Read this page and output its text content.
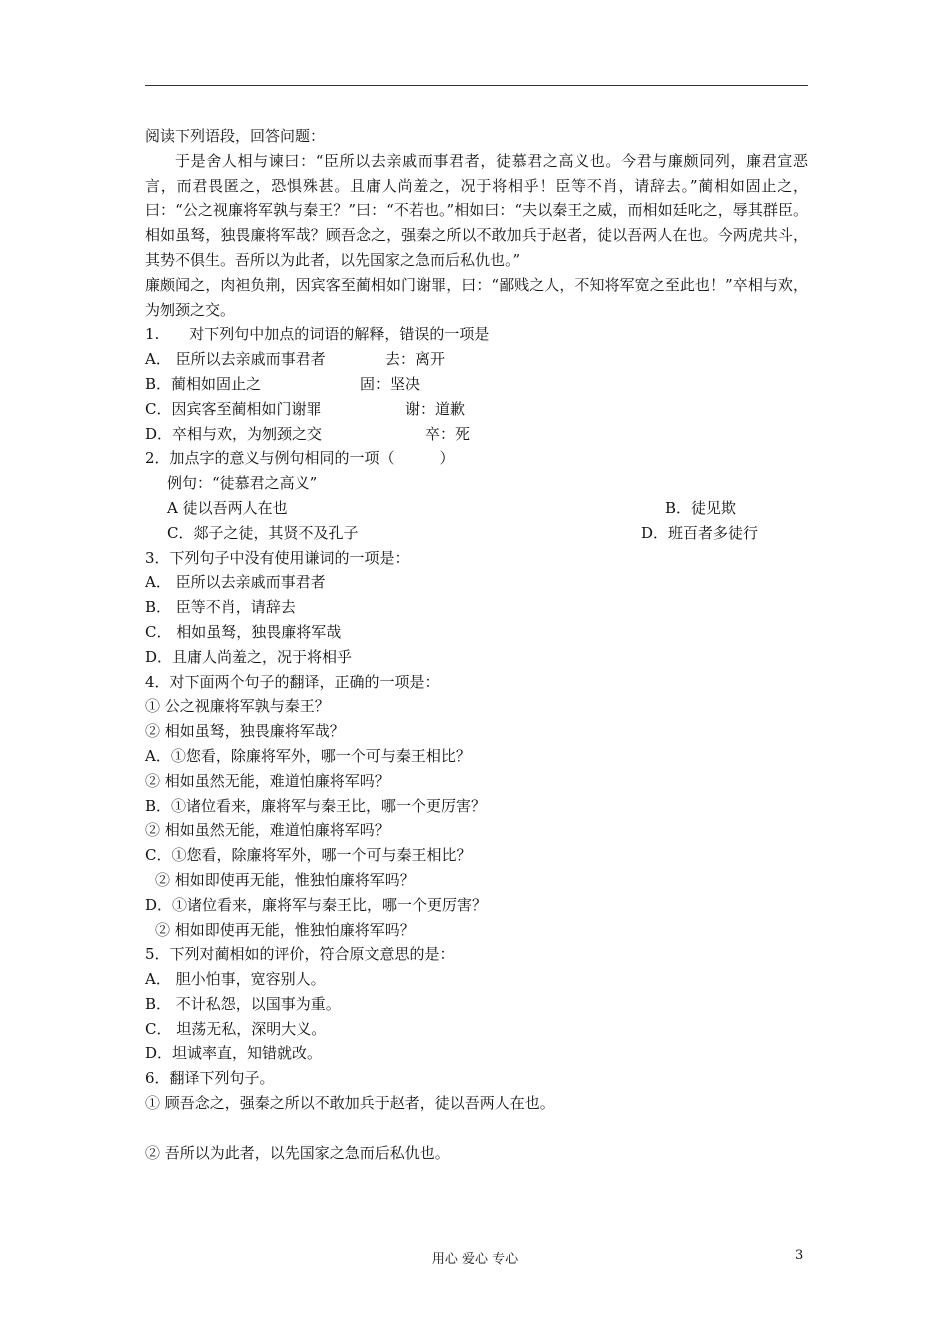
阅读下列语段，回答问题：
于是舍人相与谏曰：“臣所以去亲戚而事君者，徒慕君之高义也。今君与廉颇同列，廉君宣恶言，而君畏匿之，恐惧殊甚。且庸人尚羞之，况于将相乎！臣等不肖，请辞去。”蔺相如固止之，曰：“公之视廉将军孰与秦王？”曰：“不若也。”相如曰：“夫以秦王之威，而相如廷叱之，辱其群臣。相如虽驽，独畏廉将军哉？顾吾念之，强秦之所以不敢加兵于赵者，徒以吾两人在也。今两虎共斗，其势不俱生。吾所以为此者，以先国家之急而后私仇也。”
廉颇闻之，肉袒负荆，因宾客至蔺相如门谢罪，曰：“鄙贱之人，不知将军宽之至此也！”卒相与欢，为刎颈之交。
1.　　对下列句中加点的词语的解释，错误的一项是
A． 臣所以去亲戚而事君者	去：离开
B．蔺相如固止之	固：坚决
C．因宾客至蔺相如门谢罪	谢：道歉
D．卒相与欢，为刎颈之交	卒：死
2．加点字的意义与例句相同的一项（　　　）
例句：“徒慕君之高义”
A 徒以吾两人在也	B．徒见欺
C．郯子之徒，其贤不及孔子	D．班百者多徒行
3．下列句子中没有使用谦词的一项是：
A． 臣所以去亲戚而事君者
B． 臣等不肖，请辞去
C． 相如虽驽，独畏廉将军哉
D．且庸人尚羞之，况于将相乎
4．对下面两个句子的翻译，正确的一项是：
① 公之视廉将军孰与秦王？
② 相如虽驽，独畏廉将军哉？
A．①您看，除廉将军外，哪一个可与秦王相比？
② 相如虽然无能，难道怕廉将军吗？
B．①诸位看来，廉将军与秦王比，哪一个更厉害？
② 相如虽然无能，难道怕廉将军吗？
C．①您看，除廉将军外，哪一个可与秦王相比？
② 相如即使再无能，惟独怕廉将军吗？
D．①诸位看来，廉将军与秦王比，哪一个更厉害？
② 相如即使再无能，惟独怕廉将军吗？
5．下列对蔺相如的评价，符合原文意思的是：
A． 胆小怕事，宽容别人。
B． 不计私怨，以国事为重。
C． 坦荡无私，深明大义。
D．坦诚率直，知错就改。
6．翻译下列句子。
① 顾吾念之，强秦之所以不敢加兵于赵者，徒以吾两人在也。
② 吾所以为此者，以先国家之急而后私仇也。
用心 爱心 专心	3
